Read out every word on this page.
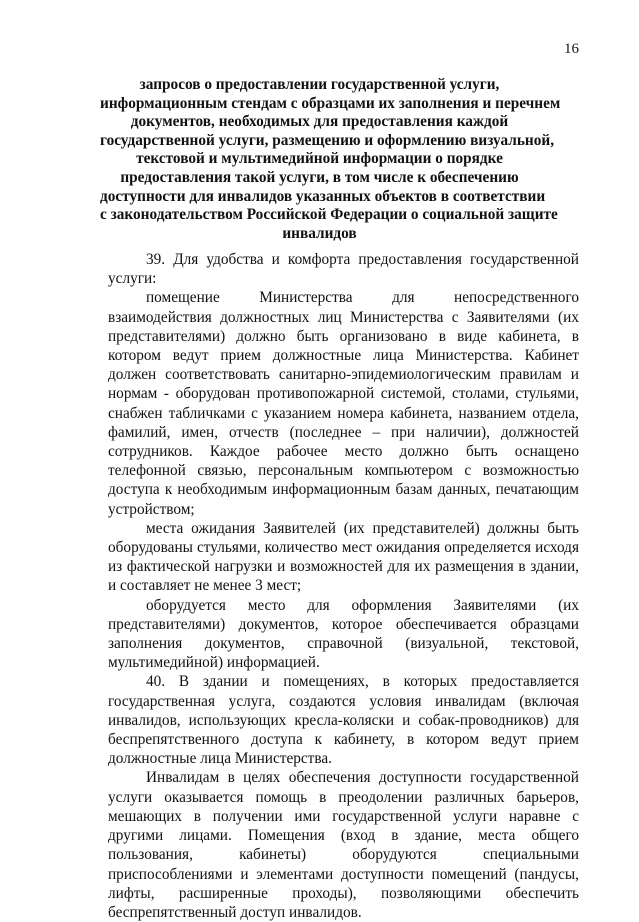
16
запросов о предоставлении государственной услуги,
информационным стендам с образцами их заполнения и перечнем
документов, необходимых для предоставления каждой
государственной услуги, размещению и оформлению визуальной,
текстовой и мультимедийной информации о порядке
предоставления такой услуги, в том числе к обеспечению
доступности для инвалидов указанных объектов в соответствии
с законодательством Российской Федерации о социальной защите
инвалидов

39. Для удобства и комфорта предоставления государственной услуги:

помещение Министерства для непосредственного взаимодействия должностных лиц Министерства с Заявителями (их представителями) должно быть организовано в виде кабинета, в котором ведут прием должностные лица Министерства. Кабинет должен соответствовать санитарно-эпидемиологическим правилам и нормам - оборудован противопожарной системой, столами, стульями, снабжен табличками с указанием номера кабинета, названием отдела, фамилий, имен, отчеств (последнее – при наличии), должностей сотрудников. Каждое рабочее место должно быть оснащено телефонной связью, персональным компьютером с возможностью доступа к необходимым информационным базам данных, печатающим устройством;

места ожидания Заявителей (их представителей) должны быть оборудованы стульями, количество мест ожидания определяется исходя из фактической нагрузки и возможностей для их размещения в здании, и составляет не менее 3 мест;

оборудуется место для оформления Заявителями (их представителями) документов, которое обеспечивается образцами заполнения документов, справочной (визуальной, текстовой, мультимедийной) информацией.

40. В здании и помещениях, в которых предоставляется государственная услуга, создаются условия инвалидам (включая инвалидов, использующих кресла-коляски и собак-проводников) для беспрепятственного доступа к кабинету, в котором ведут прием должностные лица Министерства.

Инвалидам в целях обеспечения доступности государственной услуги оказывается помощь в преодолении различных барьеров, мешающих в получении ими государственной услуги наравне с другими лицами. Помещения (вход в здание, места общего пользования, кабинеты) оборудуются специальными приспособлениями и элементами доступности помещений (пандусы, лифты, расширенные проходы), позволяющими обеспечить беспрепятственный доступ инвалидов.
